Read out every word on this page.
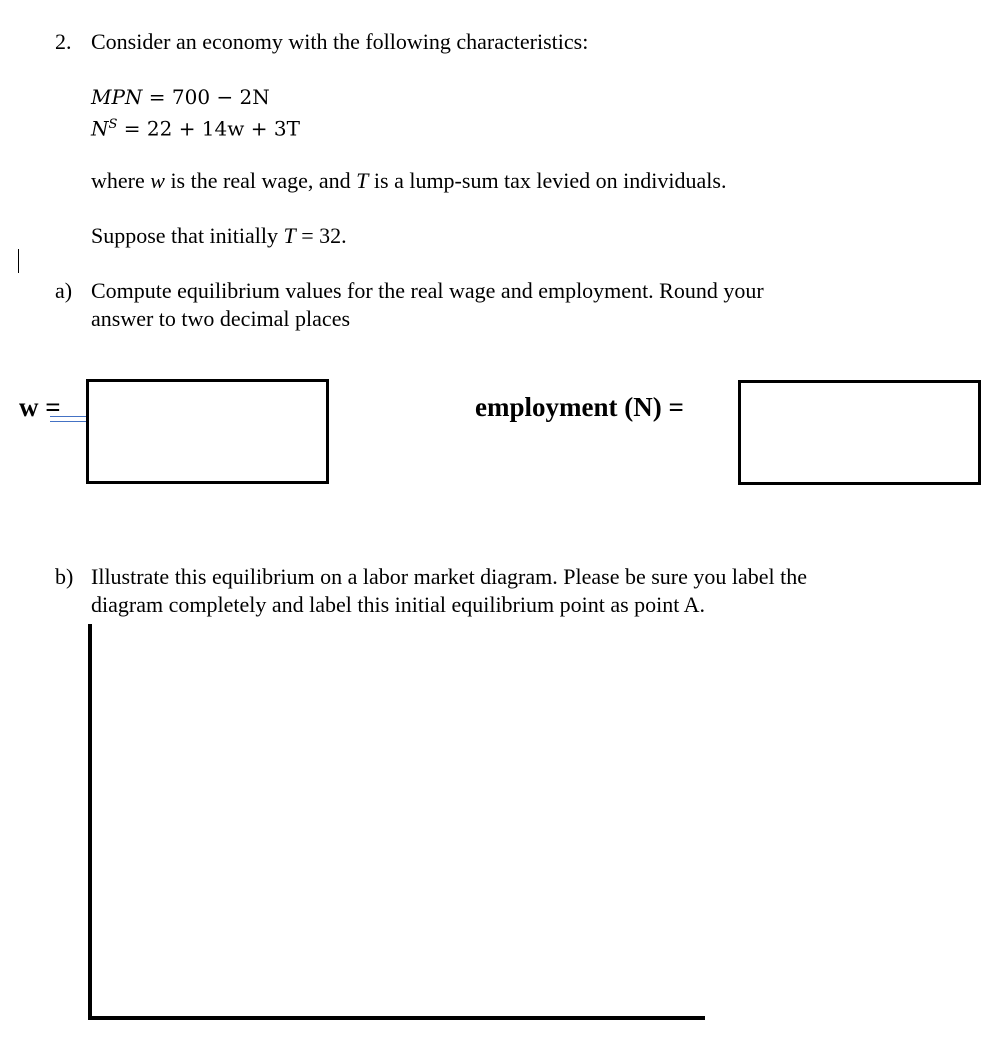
2. Consider an economy with the following characteristics:
MPN = 700 − 2N
$N^S = 22 + 14w + 3T$
where w is the real wage, and T is a lump-sum tax levied on individuals.
Suppose that initially T = 32.
a) Compute equilibrium values for the real wage and employment. Round your
answer to two decimal places
w =	employment (N) =
b) Illustrate this equilibrium on a labor market diagram. Please be sure you label the
diagram completely and label this initial equilibrium point as point A.
